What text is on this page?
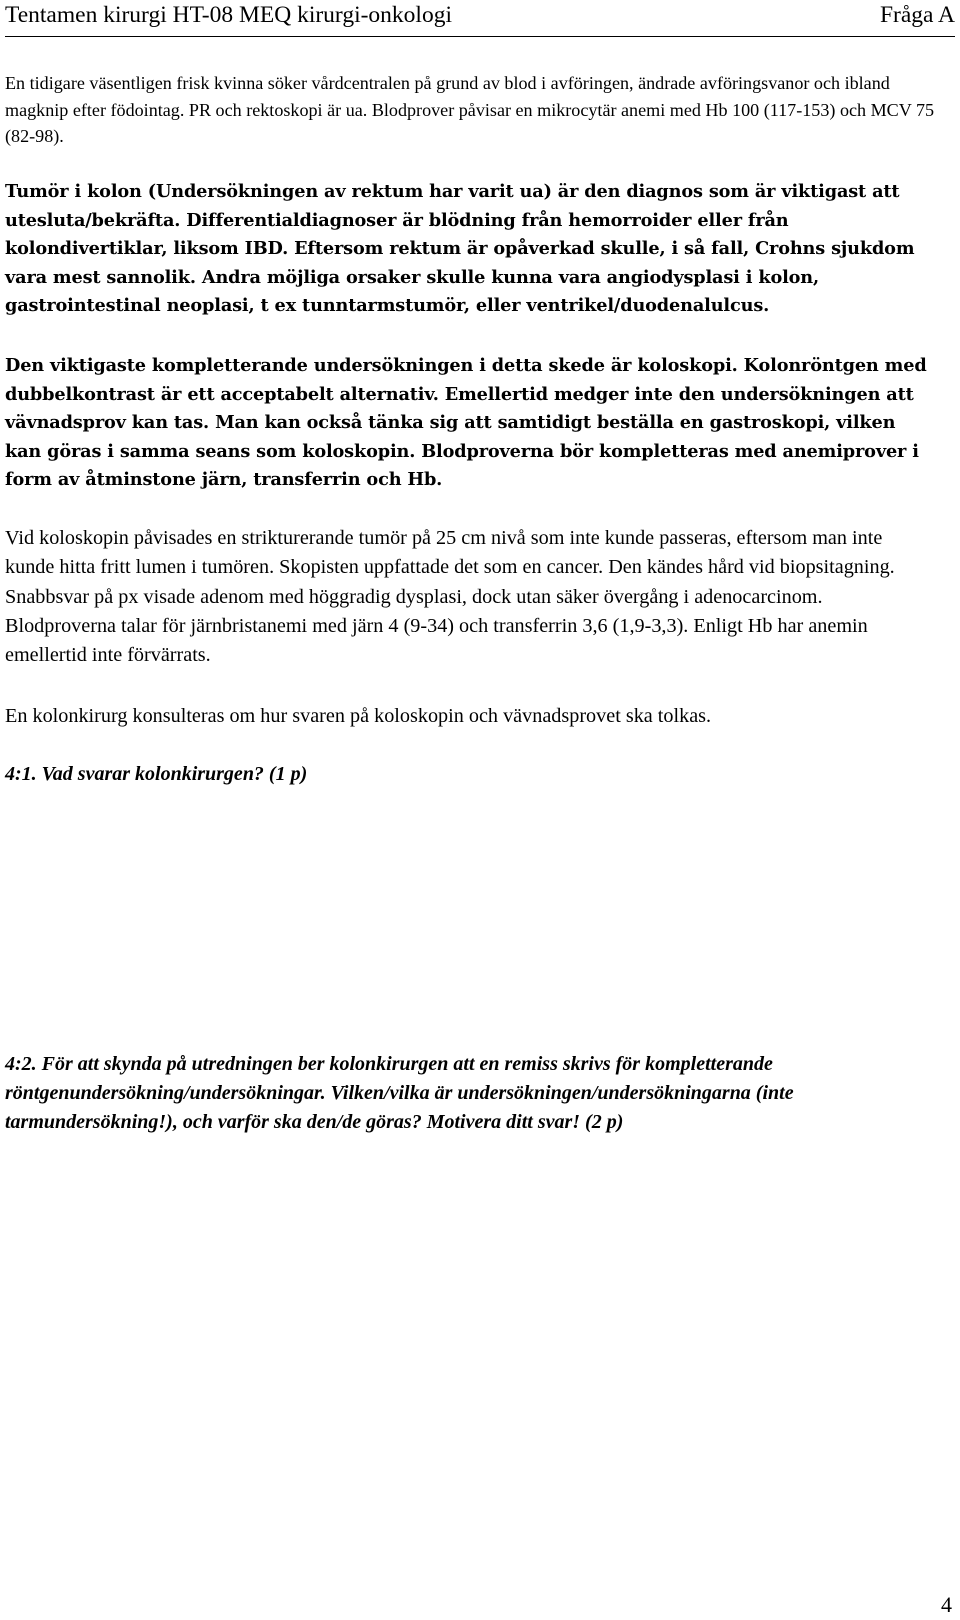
Tentamen kirurgi HT-08 MEQ kirurgi-onkologi	Fråga A

En tidigare väsentligen frisk kvinna söker vårdcentralen på grund av blod i avföringen, ändrade avföringsvanor och ibland magknip efter födointag. PR och rektoskopi är ua. Blodprover påvisar en mikrocytär anemi med Hb 100 (117-153) och MCV 75 (82-98).

Tumör i kolon (Undersökningen av rektum har varit ua) är den diagnos som är viktigast att utesluta/bekräfta. Differentialdiagnoser är blödning från hemorroider eller från kolondivertiklar, liksom IBD. Eftersom rektum är opåverkad skulle, i så fall, Crohns sjukdom vara mest sannolik. Andra möjliga orsaker skulle kunna vara angiodysplasi i kolon, gastrointestinal neoplasi, t ex tunntarmstumör, eller ventrikel/duodenalulcus.

Den viktigaste kompletterande undersökningen i detta skede är koloskopi. Kolonröntgen med dubbelkontrast är ett acceptabelt alternativ. Emellertid medger inte den undersökningen att vävnadsprov kan tas. Man kan också tänka sig att samtidigt beställa en gastroskopi, vilken kan göras i samma seans som koloskopin. Blodproverna bör kompletteras med anemiprover i form av åtminstone järn, transferrin och Hb.

Vid koloskopin påvisades en strikturerande tumör på 25 cm nivå som inte kunde passeras, eftersom man inte kunde hitta fritt lumen i tumören. Skopisten uppfattade det som en cancer. Den kändes hård vid biopsitagning. Snabbsvar på px visade adenom med höggradig dysplasi, dock utan säker övergång i adenocarcinom. Blodproverna talar för järnbristanemi med järn 4 (9-34) och transferrin 3,6 (1,9-3,3). Enligt Hb har anemin emellertid inte förvärrats.

En kolonkirurg konsulteras om hur svaren på koloskopin och vävnadsprovet ska tolkas.

4:1. Vad svarar kolonkirurgen? (1 p)

4:2. För att skynda på utredningen ber kolonkirurgen att en remiss skrivs för kompletterande röntgenundersökning/undersökningar. Vilken/vilka är undersökningen/undersökningarna (inte tarmundersökning!), och varför ska den/de göras? Motivera ditt svar! (2 p)

4
